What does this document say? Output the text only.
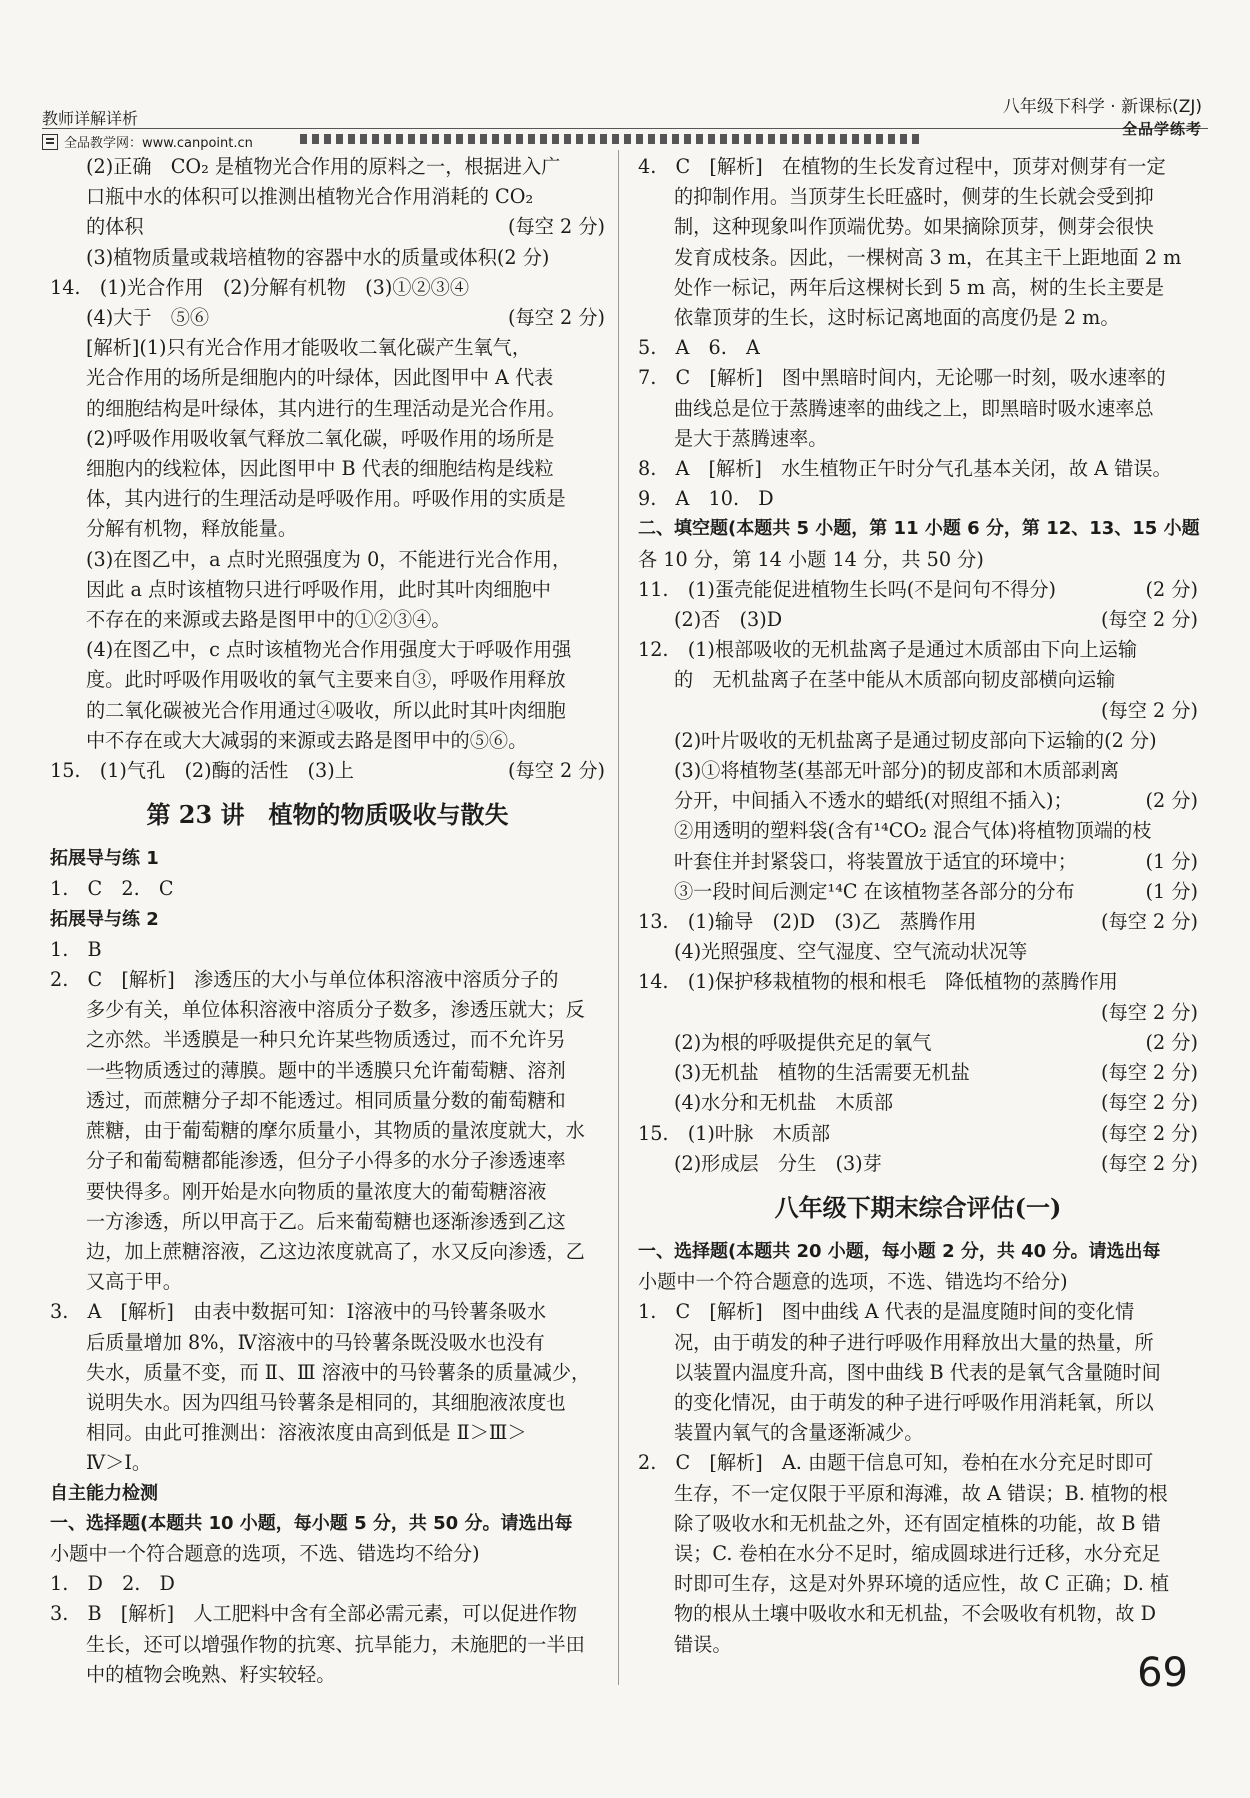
教师详解详析
全品教学网：www.canpoint.cn
八年级下科学 · 新课标(ZJ)
全品学练考
(2)正确　CO₂ 是植物光合作用的原料之一，根据进入广
口瓶中水的体积可以推测出植物光合作用消耗的 CO₂
的体积	(每空 2 分)
(3)植物质量或栽培植物的容器中水的质量或体积(2 分)
14.　(1)光合作用　(2)分解有机物　(3)①②③④
(4)大于　⑤⑥	(每空 2 分)
[解析](1)只有光合作用才能吸收二氧化碳产生氧气，
光合作用的场所是细胞内的叶绿体，因此图甲中 A 代表
的细胞结构是叶绿体，其内进行的生理活动是光合作用。
(2)呼吸作用吸收氧气释放二氧化碳，呼吸作用的场所是
细胞内的线粒体，因此图甲中 B 代表的细胞结构是线粒
体，其内进行的生理活动是呼吸作用。呼吸作用的实质是
分解有机物，释放能量。
(3)在图乙中，a 点时光照强度为 0，不能进行光合作用，
因此 a 点时该植物只进行呼吸作用，此时其叶肉细胞中
不存在的来源或去路是图甲中的①②③④。
(4)在图乙中，c 点时该植物光合作用强度大于呼吸作用强
度。此时呼吸作用吸收的氧气主要来自③，呼吸作用释放
的二氧化碳被光合作用通过④吸收，所以此时其叶肉细胞
中不存在或大大减弱的来源或去路是图甲中的⑤⑥。
15.　(1)气孔　(2)酶的活性　(3)上	(每空 2 分)
第 23 讲　植物的物质吸收与散失
拓展导与练 1
1.　C　2.　C
拓展导与练 2
1.　B
2.　C　[解析]　渗透压的大小与单位体积溶液中溶质分子的
多少有关，单位体积溶液中溶质分子数多，渗透压就大；反
之亦然。半透膜是一种只允许某些物质透过，而不允许另
一些物质透过的薄膜。题中的半透膜只允许葡萄糖、溶剂
透过，而蔗糖分子却不能透过。相同质量分数的葡萄糖和
蔗糖，由于葡萄糖的摩尔质量小，其物质的量浓度就大，水
分子和葡萄糖都能渗透，但分子小得多的水分子渗透速率
要快得多。刚开始是水向物质的量浓度大的葡萄糖溶液
一方渗透，所以甲高于乙。后来葡萄糖也逐渐渗透到乙这
边，加上蔗糖溶液，乙这边浓度就高了，水又反向渗透，乙
又高于甲。
3.　A　[解析]　由表中数据可知：Ⅰ溶液中的马铃薯条吸水
后质量增加 8%，Ⅳ溶液中的马铃薯条既没吸水也没有
失水，质量不变，而 Ⅱ、Ⅲ 溶液中的马铃薯条的质量减少，
说明失水。因为四组马铃薯条是相同的，其细胞液浓度也
相同。由此可推测出：溶液浓度由高到低是 Ⅱ＞Ⅲ＞
Ⅳ＞Ⅰ。
自主能力检测
一、选择题(本题共 10 小题，每小题 5 分，共 50 分。请选出每
小题中一个符合题意的选项，不选、错选均不给分)
1.　D　2.　D
3.　B　[解析]　人工肥料中含有全部必需元素，可以促进作物
生长，还可以增强作物的抗寒、抗旱能力，未施肥的一半田
中的植物会晚熟、籽实较轻。
4.　C　[解析]　在植物的生长发育过程中，顶芽对侧芽有一定
的抑制作用。当顶芽生长旺盛时，侧芽的生长就会受到抑
制，这种现象叫作顶端优势。如果摘除顶芽，侧芽会很快
发育成枝条。因此，一棵树高 3 m，在其主干上距地面 2 m
处作一标记，两年后这棵树长到 5 m 高，树的生长主要是
依靠顶芽的生长，这时标记离地面的高度仍是 2 m。
5.　A　6.　A
7.　C　[解析]　图中黑暗时间内，无论哪一时刻，吸水速率的
曲线总是位于蒸腾速率的曲线之上，即黑暗时吸水速率总
是大于蒸腾速率。
8.　A　[解析]　水生植物正午时分气孔基本关闭，故 A 错误。
9.　A　10.　D
二、填空题(本题共 5 小题，第 11 小题 6 分，第 12、13、15 小题
各 10 分，第 14 小题 14 分，共 50 分)
11.　(1)蛋壳能促进植物生长吗(不是问句不得分)	(2 分)
(2)否　(3)D	(每空 2 分)
12.　(1)根部吸收的无机盐离子是通过木质部由下向上运输
的　无机盐离子在茎中能从木质部向韧皮部横向运输

(每空 2 分)
(2)叶片吸收的无机盐离子是通过韧皮部向下运输的(2 分)
(3)①将植物茎(基部无叶部分)的韧皮部和木质部剥离
分开，中间插入不透水的蜡纸(对照组不插入)；	(2 分)
②用透明的塑料袋(含有¹⁴CO₂ 混合气体)将植物顶端的枝
叶套住并封紧袋口，将装置放于适宜的环境中；	(1 分)
③一段时间后测定¹⁴C 在该植物茎各部分的分布	(1 分)
13.　(1)输导　(2)D　(3)乙　蒸腾作用	(每空 2 分)
(4)光照强度、空气湿度、空气流动状况等
14.　(1)保护移栽植物的根和根毛　降低植物的蒸腾作用

(每空 2 分)
(2)为根的呼吸提供充足的氧气	(2 分)
(3)无机盐　植物的生活需要无机盐	(每空 2 分)
(4)水分和无机盐　木质部	(每空 2 分)
15.　(1)叶脉　木质部	(每空 2 分)
(2)形成层　分生　(3)芽	(每空 2 分)
八年级下期末综合评估(一)
一、选择题(本题共 20 小题，每小题 2 分，共 40 分。请选出每
小题中一个符合题意的选项，不选、错选均不给分)
1.　C　[解析]　图中曲线 A 代表的是温度随时间的变化情
况，由于萌发的种子进行呼吸作用释放出大量的热量，所
以装置内温度升高，图中曲线 B 代表的是氧气含量随时间
的变化情况，由于萌发的种子进行呼吸作用消耗氧，所以
装置内氧气的含量逐渐减少。
2.　C　[解析]　A. 由题干信息可知，卷柏在水分充足时即可
生存，不一定仅限于平原和海滩，故 A 错误；B. 植物的根
除了吸收水和无机盐之外，还有固定植株的功能，故 B 错
误；C. 卷柏在水分不足时，缩成圆球进行迁移，水分充足
时即可生存，这是对外界环境的适应性，故 C 正确；D. 植
物的根从土壤中吸收水和无机盐，不会吸收有机物，故 D
错误。
69
